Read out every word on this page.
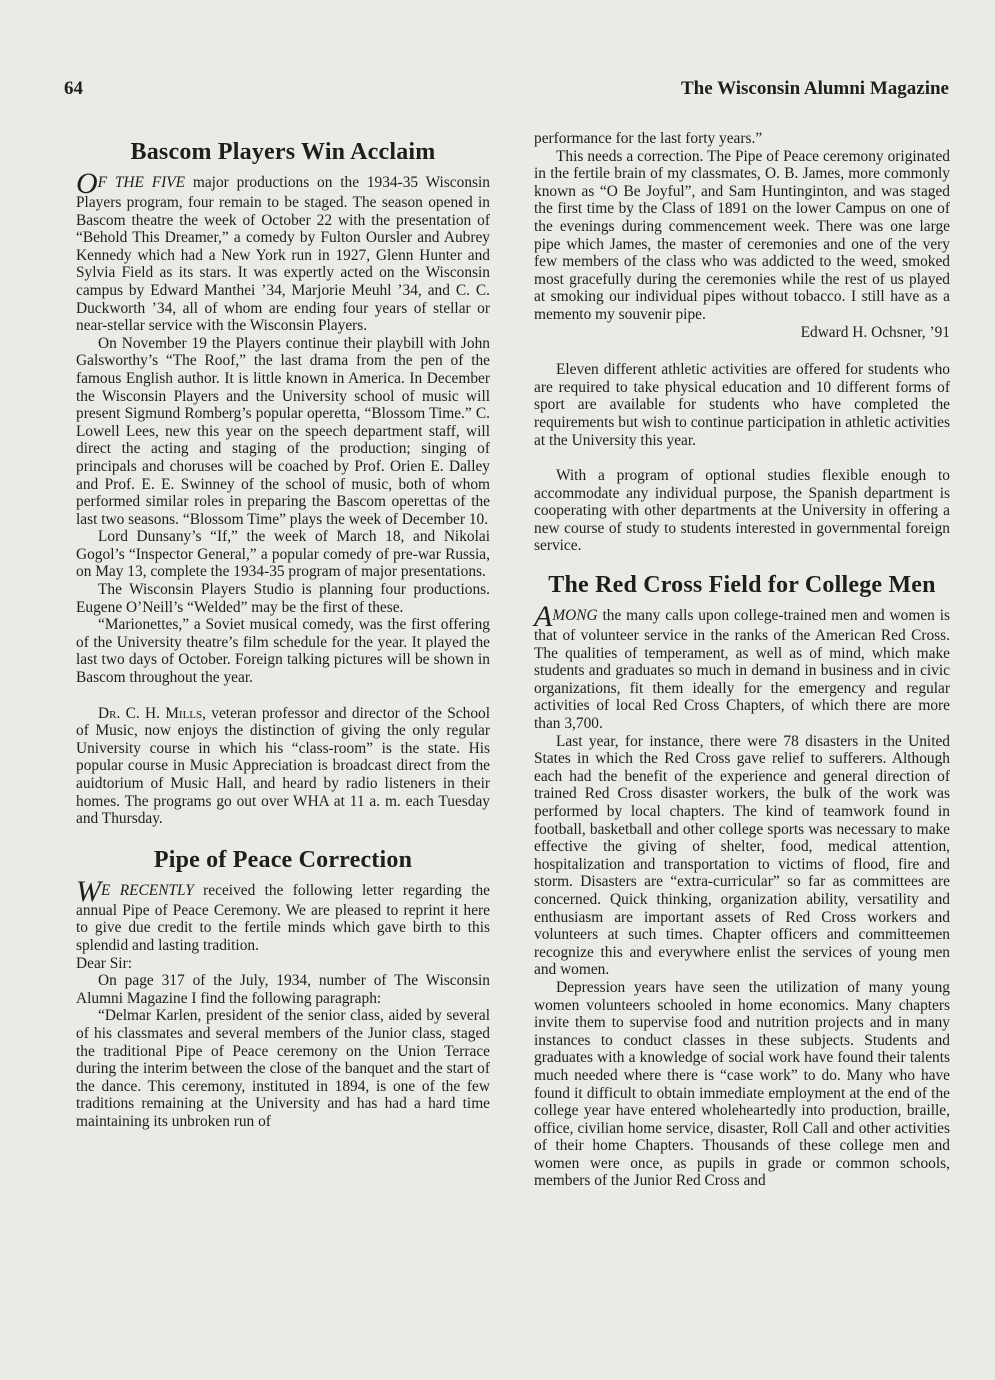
64	The Wisconsin Alumni Magazine
Bascom Players Win Acclaim

OF THE FIVE major productions on the 1934-35 Wisconsin Players program, four remain to be staged. The season opened in Bascom theatre the week of October 22 with the presentation of “Behold This Dreamer,” a comedy by Fulton Oursler and Aubrey Kennedy which had a New York run in 1927, Glenn Hunter and Sylvia Field as its stars. It was expertly acted on the Wisconsin campus by Edward Manthei ’34, Marjorie Meuhl ’34, and C. C. Duckworth ’34, all of whom are ending four years of stellar or near-stellar service with the Wisconsin Players.

On November 19 the Players continue their playbill with John Galsworthy’s “The Roof,” the last drama from the pen of the famous English author. It is little known in America. In December the Wisconsin Players and the University school of music will present Sigmund Romberg’s popular operetta, “Blossom Time.” C. Lowell Lees, new this year on the speech department staff, will direct the acting and staging of the production; singing of principals and choruses will be coached by Prof. Orien E. Dalley and Prof. E. E. Swinney of the school of music, both of whom performed similar roles in preparing the Bascom operettas of the last two seasons. “Blossom Time” plays the week of December 10.

Lord Dunsany’s “If,” the week of March 18, and Nikolai Gogol’s “Inspector General,” a popular comedy of pre-war Russia, on May 13, complete the 1934-35 program of major presentations.

The Wisconsin Players Studio is planning four productions. Eugene O’Neill’s “Welded” may be the first of these.

“Marionettes,” a Soviet musical comedy, was the first offering of the University theatre’s film schedule for the year. It played the last two days of October. Foreign talking pictures will be shown in Bascom throughout the year.

Dr. C. H. Mills, veteran professor and director of the School of Music, now enjoys the distinction of giving the only regular University course in which his “class-room” is the state. His popular course in Music Appreciation is broadcast direct from the auidtorium of Music Hall, and heard by radio listeners in their homes. The programs go out over WHA at 11 a. m. each Tuesday and Thursday.

Pipe of Peace Correction

WE RECENTLY received the following letter regarding the annual Pipe of Peace Ceremony. We are pleased to reprint it here to give due credit to the fertile minds which gave birth to this splendid and lasting tradition.

Dear Sir:

On page 317 of the July, 1934, number of The Wisconsin Alumni Magazine I find the following paragraph:

“Delmar Karlen, president of the senior class, aided by several of his classmates and several members of the Junior class, staged the traditional Pipe of Peace ceremony on the Union Terrace during the interim between the close of the banquet and the start of the dance. This ceremony, instituted in 1894, is one of the few traditions remaining at the University and has had a hard time maintaining its unbroken run of

performance for the last forty years.”

This needs a correction. The Pipe of Peace ceremony originated in the fertile brain of my classmates, O. B. James, more commonly known as “O Be Joyful”, and Sam Huntinginton, and was staged the first time by the Class of 1891 on the lower Campus on one of the evenings during commencement week. There was one large pipe which James, the master of ceremonies and one of the very few members of the class who was addicted to the weed, smoked most gracefully during the ceremonies while the rest of us played at smoking our individual pipes without tobacco. I still have as a memento my souvenir pipe.

Edward H. Ochsner, ’91

Eleven different athletic activities are offered for students who are required to take physical education and 10 different forms of sport are available for students who have completed the requirements but wish to continue participation in athletic activities at the University this year.

With a program of optional studies flexible enough to accommodate any individual purpose, the Spanish department is cooperating with other departments at the University in offering a new course of study to students interested in governmental foreign service.

The Red Cross Field for College Men

AMONG the many calls upon college-trained men and women is that of volunteer service in the ranks of the American Red Cross. The qualities of temperament, as well as of mind, which make students and graduates so much in demand in business and in civic organizations, fit them ideally for the emergency and regular activities of local Red Cross Chapters, of which there are more than 3,700.

Last year, for instance, there were 78 disasters in the United States in which the Red Cross gave relief to sufferers. Although each had the benefit of the experience and general direction of trained Red Cross disaster workers, the bulk of the work was performed by local chapters. The kind of teamwork found in football, basketball and other college sports was necessary to make effective the giving of shelter, food, medical attention, hospitalization and transportation to victims of flood, fire and storm. Disasters are “extra-curricular” so far as committees are concerned. Quick thinking, organization ability, versatility and enthusiasm are important assets of Red Cross workers and volunteers at such times. Chapter officers and committeemen recognize this and everywhere enlist the services of young men and women.

Depression years have seen the utilization of many young women volunteers schooled in home economics. Many chapters invite them to supervise food and nutrition projects and in many instances to conduct classes in these subjects. Students and graduates with a knowledge of social work have found their talents much needed where there is “case work” to do. Many who have found it difficult to obtain immediate employment at the end of the college year have entered wholeheartedly into production, braille, office, civilian home service, disaster, Roll Call and other activities of their home Chapters. Thousands of these college men and women were once, as pupils in grade or common schools, members of the Junior Red Cross and
